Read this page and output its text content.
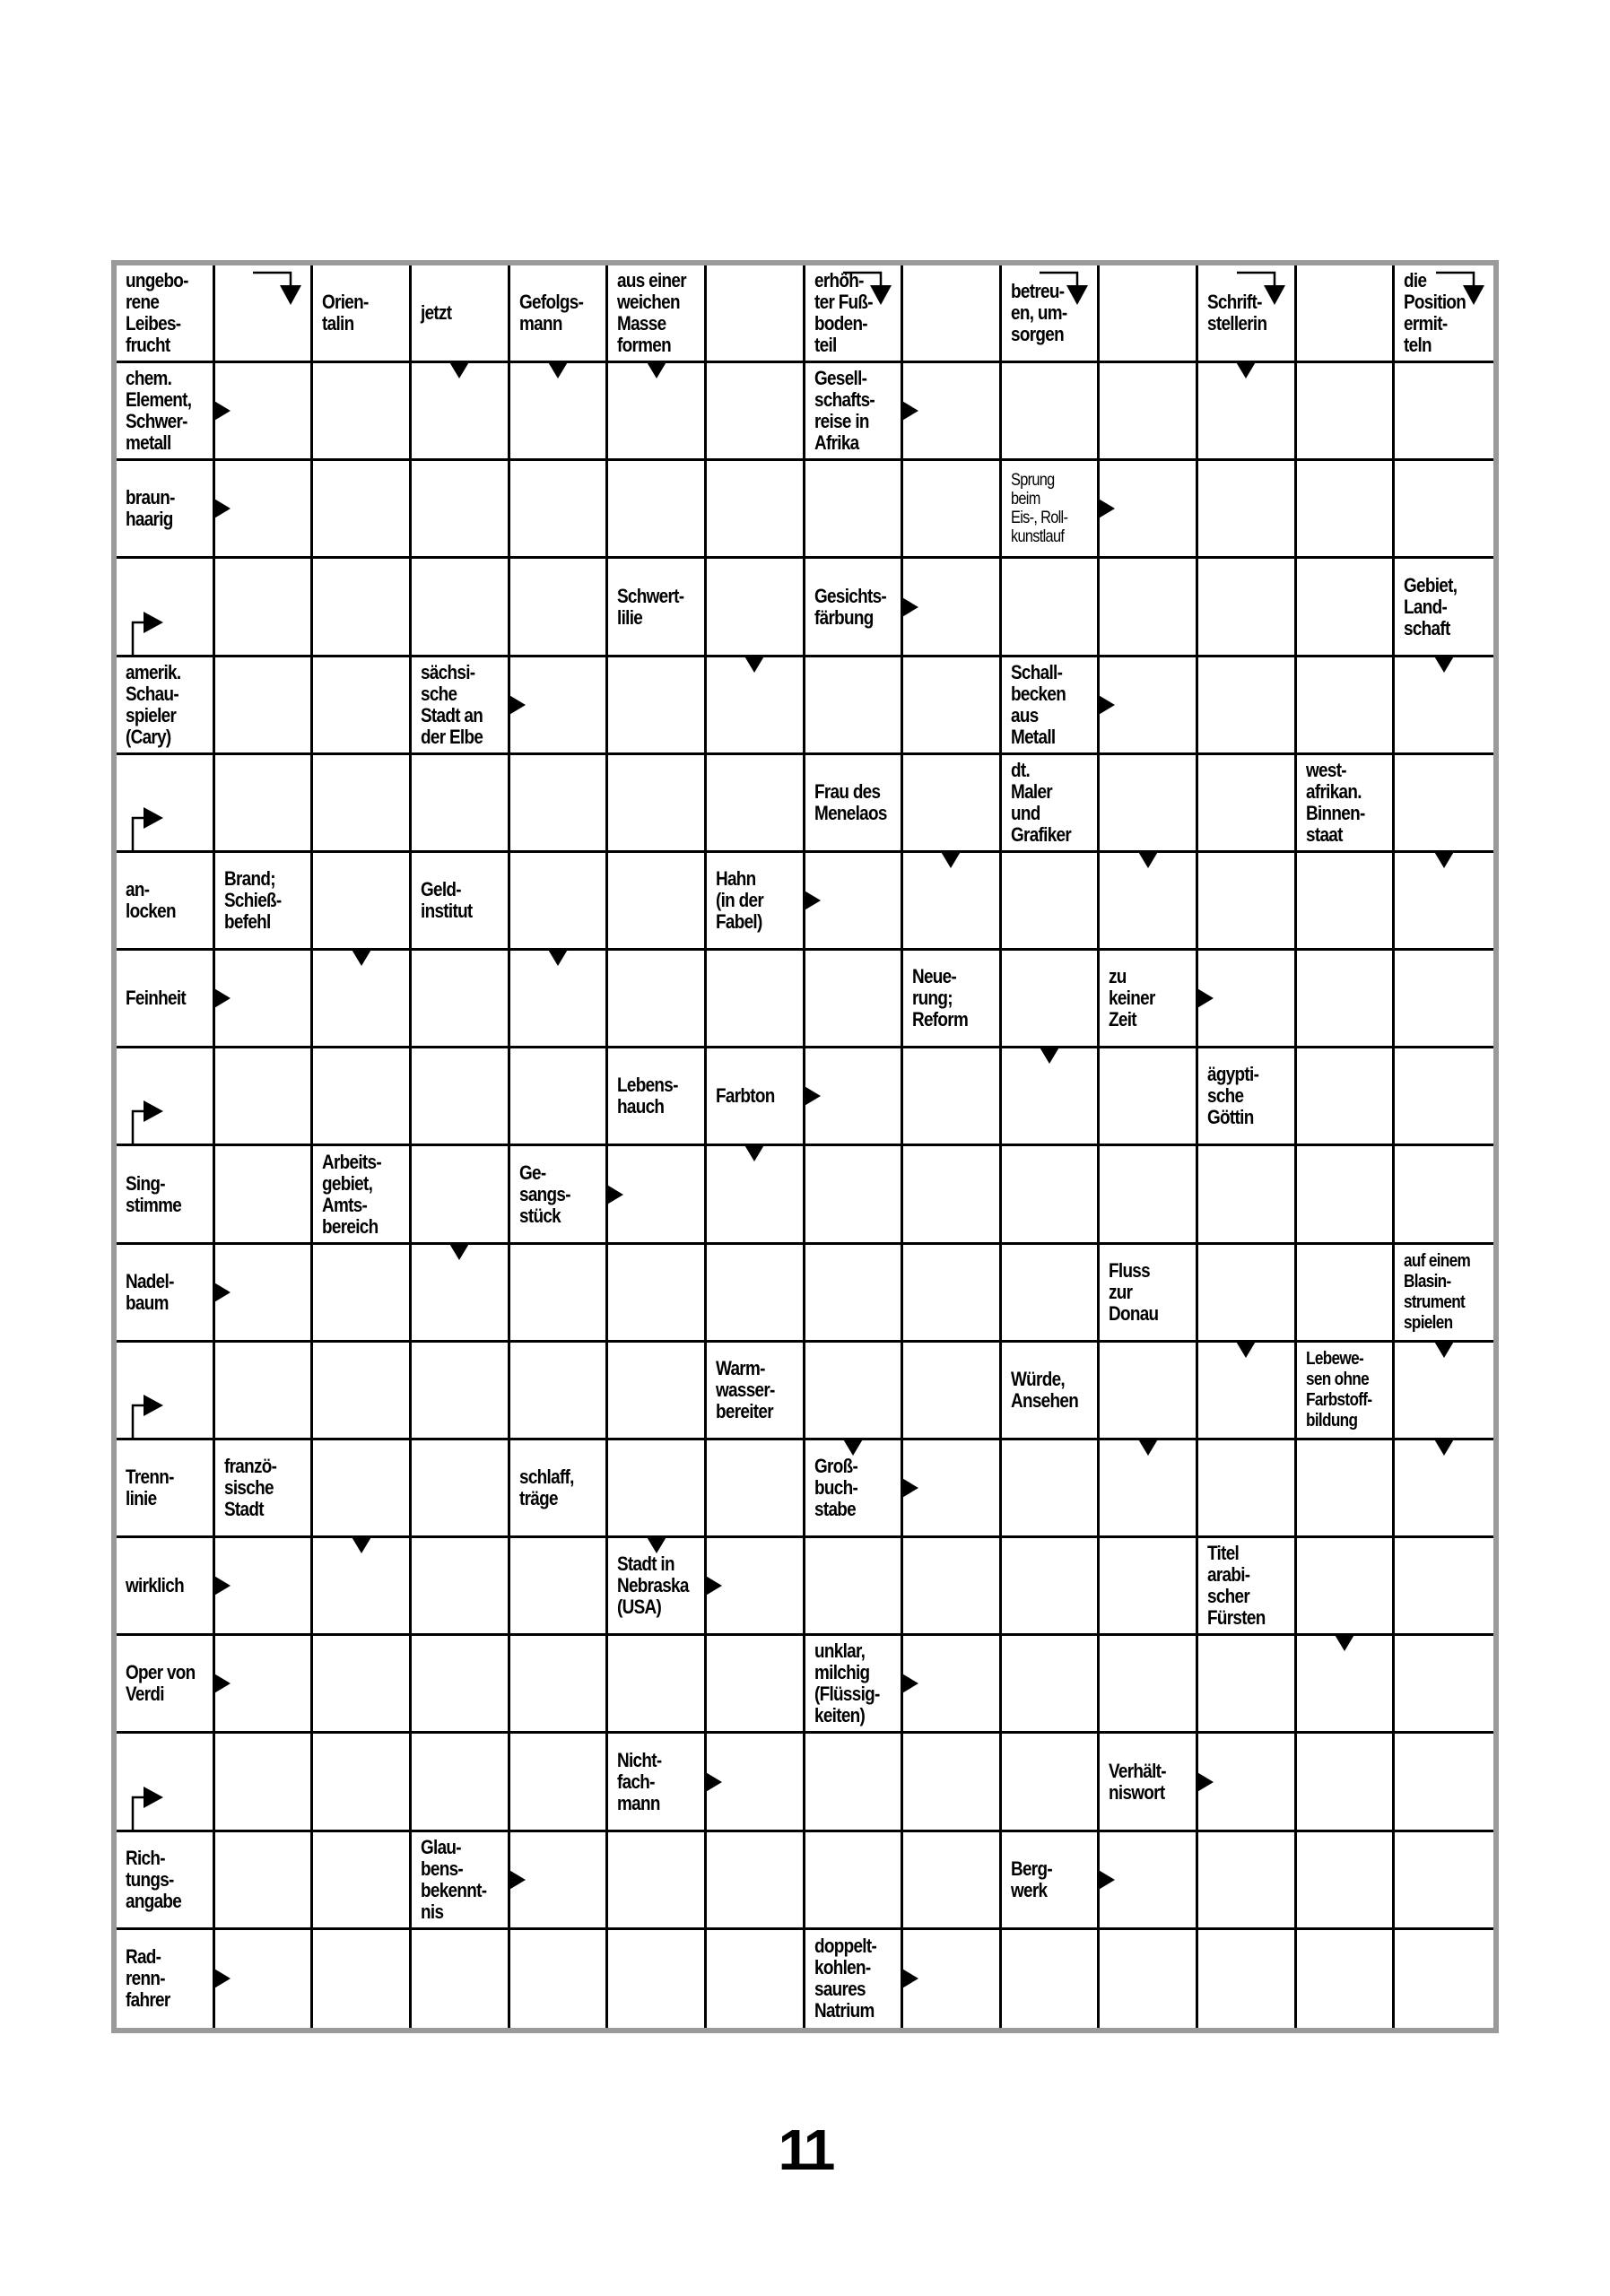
ungebo-
rene
Leibes-
frucht
Orien-
talin	jetzt	Gefolgs-
mann
aus einer
weichen
Masse
formen
erhöh-
ter Fuß-
boden-
teil
betreu-
en, um-
sorgen
Schrift-
stellerin
die
Position
ermit-
teln
chem.
Element,
Schwer-
metall
Gesell-
schafts-
reise in
Afrika
braun-
haarig
Sprung
beim
Eis-, Roll-
kunstlauf
Schwert-
lilie
Gesichts-
färbung
Gebiet,
Land-
schaft
amerik.
Schau-
spieler
(Cary)
sächsi-
sche
Stadt an
der Elbe
Schall-
becken
aus
Metall
Frau des
Menelaos
dt.
Maler
und
Grafiker
west-
afrikan.
Binnen-
staat
an-
locken
Brand;
Schieß-
befehl
Geld-
institut
Hahn
(in der
Fabel)
Feinheit
Neue-
rung;
Reform
zu
keiner
Zeit
Lebens-
hauch	Farbton
ägypti-
sche
Göttin
Sing-
stimme
Arbeits-
gebiet,
Amts-
bereich
Ge-
sangs-
stück
Nadel-
baum
Fluss
zur
Donau
auf einem
Blasin-
strument
spielen
Warm-
wasser-
bereiter
Würde,
Ansehen
Lebewe-
sen ohne
Farbstoff-
bildung
Trenn-
linie
franzö-
sische
Stadt
schlaff,
träge
Groß-
buch-
stabe
wirklich
Stadt in
Nebraska
(USA)
Titel
arabi-
scher
Fürsten
Oper von
Verdi
unklar,
milchig
(Flüssig-
keiten)
Nicht-
fach-
mann
Verhält-
niswort
Rich-
tungs-
angabe
Glau-
bens-
bekennt-
nis
Berg-
werk
Rad-
renn-
fahrer
doppelt-
kohlen-
saures
Natrium
11
